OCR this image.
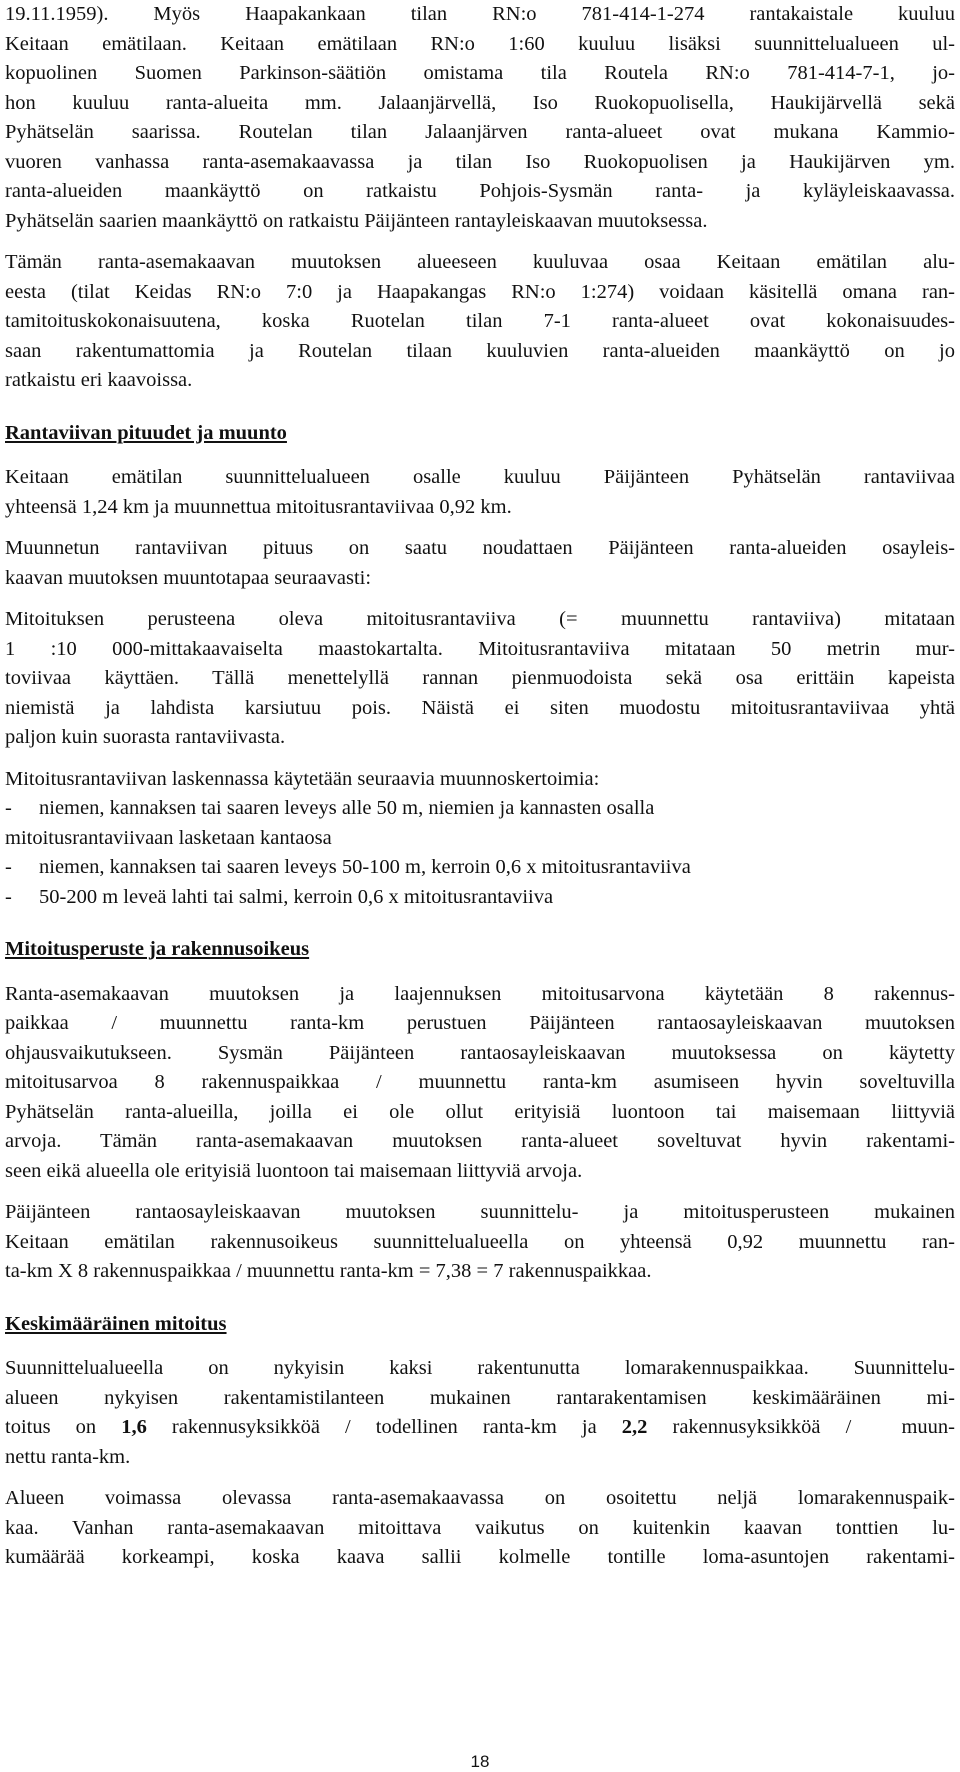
19.11.1959). Myös Haapakankaan tilan RN:o 781-414-1-274 rantakaistale kuuluu
Keitaan emätilaan. Keitaan emätilaan RN:o 1:60 kuuluu lisäksi suunnittelualueen ul-
kopuolinen Suomen Parkinson-säätiön omistama tila Routela RN:o 781-414-7-1, jo-
hon kuuluu ranta-alueita mm. Jalaanjärvellä, Iso Ruokopuolisella, Haukijärvellä sekä
Pyhätselän saarissa. Routelan tilan Jalaanjärven ranta-alueet ovat mukana Kammio-
vuoren vanhassa ranta-asemakaavassa ja tilan Iso Ruokopuolisen ja Haukijärven ym.
ranta-alueiden maankäyttö on ratkaistu Pohjois-Sysmän ranta- ja kyläyleiskaavassa.
Pyhätselän saarien maankäyttö on ratkaistu Päijänteen rantayleiskaavan muutoksessa.
Tämän ranta-asemakaavan muutoksen alueeseen kuuluvaa osaa Keitaan emätilan alu-
eesta (tilat Keidas RN:o 7:0 ja Haapakangas RN:o 1:274) voidaan käsitellä omana ran-
tamitoituskokonaisuutena, koska Ruotelan tilan 7-1 ranta-alueet ovat kokonaisuudes-
saan rakentumattomia ja Routelan tilaan kuuluvien ranta-alueiden maankäyttö on jo
ratkaistu eri kaavoissa.
Rantaviivan pituudet ja muunto
Keitaan emätilan suunnittelualueen osalle kuuluu Päijänteen Pyhätselän rantaviivaa
yhteensä 1,24 km ja muunnettua mitoitusrantaviivaa 0,92 km.
Muunnetun rantaviivan pituus on saatu noudattaen Päijänteen ranta-alueiden osayleis-
kaavan muutoksen muuntotapaa seuraavasti:
Mitoituksen perusteena oleva mitoitusrantaviiva (= muunnettu rantaviiva) mitataan
1 :10 000-mittakaavaiselta maastokartalta. Mitoitusrantaviiva mitataan 50 metrin mur-
toviivaa käyttäen. Tällä menettelyllä rannan pienmuodoista sekä osa erittäin kapeista
niemistä ja lahdista karsiutuu pois. Näistä ei siten muodostu mitoitusrantaviivaa yhtä
paljon kuin suorasta rantaviivasta.
Mitoitusrantaviivan laskennassa käytetään seuraavia muunnoskertoimia:
- niemen, kannaksen tai saaren leveys alle 50 m, niemien ja kannasten osalla
mitoitusrantaviivaan lasketaan kantaosa
- niemen, kannaksen tai saaren leveys 50-100 m, kerroin 0,6 x mitoitusrantaviiva
- 50-200 m leveä lahti tai salmi, kerroin 0,6 x mitoitusrantaviiva
Mitoitusperuste ja rakennusoikeus
Ranta-asemakaavan muutoksen ja laajennuksen mitoitusarvona käytetään 8 rakennus-
paikkaa / muunnettu ranta-km perustuen Päijänteen rantaosayleiskaavan muutoksen
ohjausvaikutukseen. Sysmän Päijänteen rantaosayleiskaavan muutoksessa on käytetty
mitoitusarvoa 8 rakennuspaikkaa / muunnettu ranta-km asumiseen hyvin soveltuvilla
Pyhätselän ranta-alueilla, joilla ei ole ollut erityisiä luontoon tai maisemaan liittyviä
arvoja. Tämän ranta-asemakaavan muutoksen ranta-alueet soveltuvat hyvin rakentami-
seen eikä alueella ole erityisiä luontoon tai maisemaan liittyviä arvoja.
Päijänteen rantaosayleiskaavan muutoksen suunnittelu- ja mitoitusperusteen mukainen
Keitaan emätilan rakennusoikeus suunnittelualueella on yhteensä 0,92 muunnettu ran-
ta-km X 8 rakennuspaikkaa / muunnettu ranta-km = 7,38 = 7 rakennuspaikkaa.
Keskimääräinen mitoitus
Suunnittelualueella on nykyisin kaksi rakentunutta lomarakennuspaikkaa. Suunnittelu-
alueen nykyisen rakentamistilanteen mukainen rantarakentamisen keskimääräinen mi-
toitus on 1,6 rakennusyksikköä / todellinen ranta-km ja 2,2 rakennusyksikköä /  muun-
nettu ranta-km.
Alueen voimassa olevassa ranta-asemakaavassa on osoitettu neljä lomarakennuspaik-
kaa. Vanhan ranta-asemakaavan mitoittava vaikutus on kuitenkin kaavan tonttien lu-
kumäärää korkeampi, koska kaava sallii kolmelle tontille loma-asuntojen rakentami-
18
